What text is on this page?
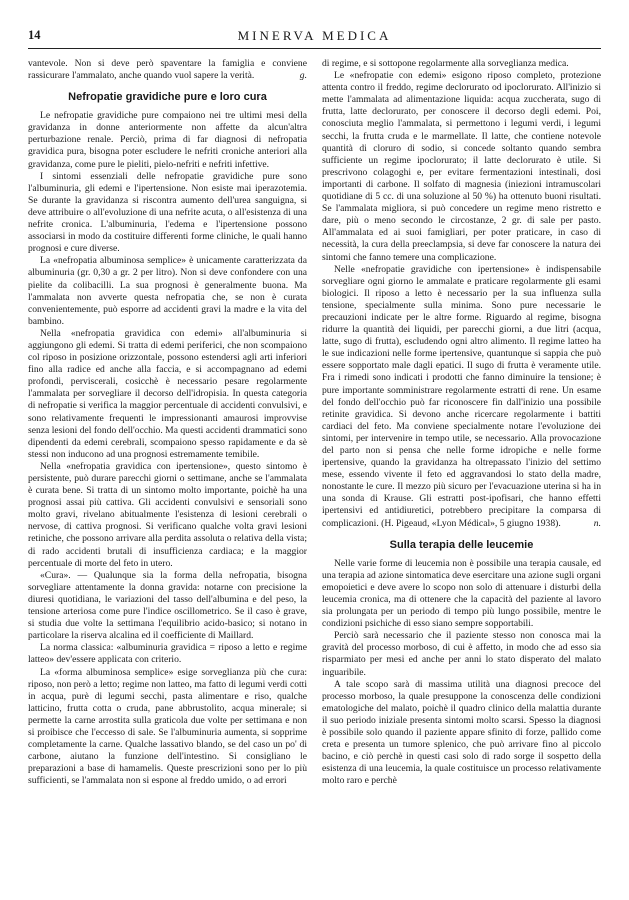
14	MINERVA MEDICA

vantevole. Non si deve però spaventare la famiglia e conviene rassicurare l'ammalato, anche quando vuol sapere la verità.	g.

Nefropatie gravidiche pure e loro cura

Le nefropatie gravidiche pure compaiono nei tre ultimi mesi della gravidanza in donne anteriormente non affette da alcun'altra perturbazione renale. Perciò, prima di far diagnosi di nefropatia gravidica pura, bisogna poter escludere le nefriti croniche anteriori alla gravidanza, come pure le pieliti, pielo-nefriti e nefriti infettive.

I sintomi essenziali delle nefropatie gravidiche pure sono l'albuminuria, gli edemi e l'ipertensione. Non esiste mai iperazotemia. Se durante la gravidanza si riscontra aumento dell'urea sanguigna, si deve attribuire o all'evoluzione di una nefrite acuta, o all'esistenza di una nefrite cronica. L'albuminuria, l'edema e l'ipertensione possono associarsi in modo da costituire differenti forme cliniche, le quali hanno prognosi e cure diverse.

La «nefropatia albuminosa semplice» è unicamente caratterizzata da albuminuria (gr. 0,30 a gr. 2 per litro). Non si deve confondere con una pielite da colibacilli. La sua prognosi è generalmente buona. Ma l'ammalata non avverte questa nefropatia che, se non è curata convenientemente, può esporre ad accidenti gravi la madre e la vita del bambino.

Nella «nefropatia gravidica con edemi» all'albuminuria si aggiungono gli edemi. Si tratta di edemi periferici, che non scompaiono col riposo in posizione orizzontale, possono estendersi agli arti inferiori fino alla radice ed anche alla faccia, e si accompagnano ad edemi profondi, perviscerali, cosicchè è necessario pesare regolarmente l'ammalata per sorvegliare il decorso dell'idropisia. In questa categoria di nefropatie si verifica la maggior percentuale di accidenti convulsivi, e sono relativamente frequenti le impressionanti amaurosi improvvise senza lesioni del fondo dell'occhio. Ma questi accidenti drammatici sono dipendenti da edemi cerebrali, scompaiono spesso rapidamente e da sè stessi non inducono ad una prognosi estremamente temibile.

Nella «nefropatia gravidica con ipertensione», questo sintomo è persistente, può durare parecchi giorni o settimane, anche se l'ammalata è curata bene. Si tratta di un sintomo molto importante, poichè ha una prognosi assai più cattiva. Gli accidenti convulsivi e sensoriali sono molto gravi, rivelano abitualmente l'esistenza di lesioni cerebrali o nervose, di cattiva prognosi. Si verificano qualche volta gravi lesioni retiniche, che possono arrivare alla perdita assoluta o relativa della vista; di rado accidenti brutali di insufficienza cardiaca; e la maggior percentuale di morte del feto in utero.

«Cura». — Qualunque sia la forma della nefropatia, bisogna sorvegliare attentamente la donna gravida: notarne con precisione la diuresi quotidiana, le variazioni del tasso dell'albumina e del peso, la tensione arteriosa come pure l'indice oscillometrico. Se il caso è grave, si studia due volte la settimana l'equilibrio acido-basico; si notano in particolare la riserva alcalina ed il coefficiente di Maillard.

La norma classica: «albuminuria gravidica = riposo a letto e regime latteo» dev'essere applicata con criterio.

La «forma albuminosa semplice» esige sorveglianza più che cura: riposo, non però a letto; regime non latteo, ma fatto di legumi verdi cotti in acqua, purè di legumi secchi, pasta alimentare e riso, qualche latticino, frutta cotta o cruda, pane abbrustolito, acqua minerale; si permette la carne arrostita sulla graticola due volte per settimana e non si proibisce che l'eccesso di sale. Se l'albuminuria aumenta, si sopprime completamente la carne. Qualche lassativo blando, se del caso un po' di carbone, aiutano la funzione dell'intestino. Si consigliano le preparazioni a base di hamamelis. Queste prescrizioni sono per lo più sufficienti, se l'ammalata non si espone al freddo umido, o ad errori

di regime, e si sottopone regolarmente alla sorveglianza medica.

Le «nefropatie con edemi» esigono riposo completo, protezione attenta contro il freddo, regime declorurato od ipoclorurato. All'inizio si mette l'ammalata ad alimentazione liquida: acqua zuccherata, sugo di frutta, latte declorurato, per conoscere il decorso degli edemi. Poi, conosciuta meglio l'ammalata, si permettono i legumi verdi, i legumi secchi, la frutta cruda e le marmellate. Il latte, che contiene notevole quantità di cloruro di sodio, si concede soltanto quando sembra sufficiente un regime ipoclorurato; il latte declorurato è utile. Si prescrivono colagoghi e, per evitare fermentazioni intestinali, dosi importanti di carbone. Il solfato di magnesia (iniezioni intramuscolari quotidiane di 5 cc. di una soluzione al 50 %) ha ottenuto buoni risultati. Se l'ammalata migliora, si può concedere un regime meno ristretto e dare, più o meno secondo le circostanze, 2 gr. di sale per pasto. All'ammalata ed ai suoi famigliari, per poter praticare, in caso di necessità, la cura della preeclampsia, si deve far conoscere la natura dei sintomi che fanno temere una complicazione.

Nelle «nefropatie gravidiche con ipertensione» è indispensabile sorvegliare ogni giorno le ammalate e praticare regolarmente gli esami biologici. Il riposo a letto è necessario per la sua influenza sulla tensione, specialmente sulla minima. Sono pure necessarie le precauzioni indicate per le altre forme. Riguardo al regime, bisogna ridurre la quantità dei liquidi, per parecchi giorni, a due litri (acqua, latte, sugo di frutta), escludendo ogni altro alimento. Il regime latteo ha le sue indicazioni nelle forme ipertensive, quantunque si sappia che può essere sopportato male dagli epatici. Il sugo di frutta è veramente utile. Fra i rimedi sono indicati i prodotti che fanno diminuire la tensione; è pure importante somministrare regolarmente estratti di rene. Un esame del fondo dell'occhio può far riconoscere fin dall'inizio una possibile retinite gravidica. Si devono anche ricercare regolarmente i battiti cardiaci del feto. Ma conviene specialmente notare l'evoluzione dei sintomi, per intervenire in tempo utile, se necessario. Alla provocazione del parto non si pensa che nelle forme idropiche e nelle forme ipertensive, quando la gravidanza ha oltrepassato l'inizio del settimo mese, essendo vivente il feto ed aggravandosi lo stato della madre, nonostante le cure. Il mezzo più sicuro per l'evacuazione uterina si ha in una sonda di Krause. Gli estratti post-ipofisari, che hanno effetti ipertensivi ed antidiuretici, potrebbero precipitare la comparsa di complicazioni. (H. Pigeaud, «Lyon Médical», 5 giugno 1938).	n.

Sulla terapia delle leucemie

Nelle varie forme di leucemia non è possibile una terapia causale, ed una terapia ad azione sintomatica deve esercitare una azione sugli organi emopoietici e deve avere lo scopo non solo di attenuare i disturbi della leucemia cronica, ma di ottenere che la capacità del paziente al lavoro sia prolungata per un periodo di tempo più lungo possibile, mentre le condizioni psichiche di esso siano sempre sopportabili.

Perciò sarà necessario che il paziente stesso non conosca mai la gravità del processo morboso, di cui è affetto, in modo che ad esso sia risparmiato per mesi ed anche per anni lo stato disperato del malato inguaribile.

A tale scopo sarà di massima utilità una diagnosi precoce del processo morboso, la quale presuppone la conoscenza delle condizioni ematologiche del malato, poichè il quadro clinico della malattia durante il suo periodo iniziale presenta sintomi molto scarsi. Spesso la diagnosi è possibile solo quando il paziente appare sfinito di forze, pallido come creta e presenta un tumore splenico, che può arrivare fino al piccolo bacino, e ciò perchè in questi casi solo di rado sorge il sospetto della esistenza di una leucemia, la quale costituisce un processo relativamente molto raro e perchè
